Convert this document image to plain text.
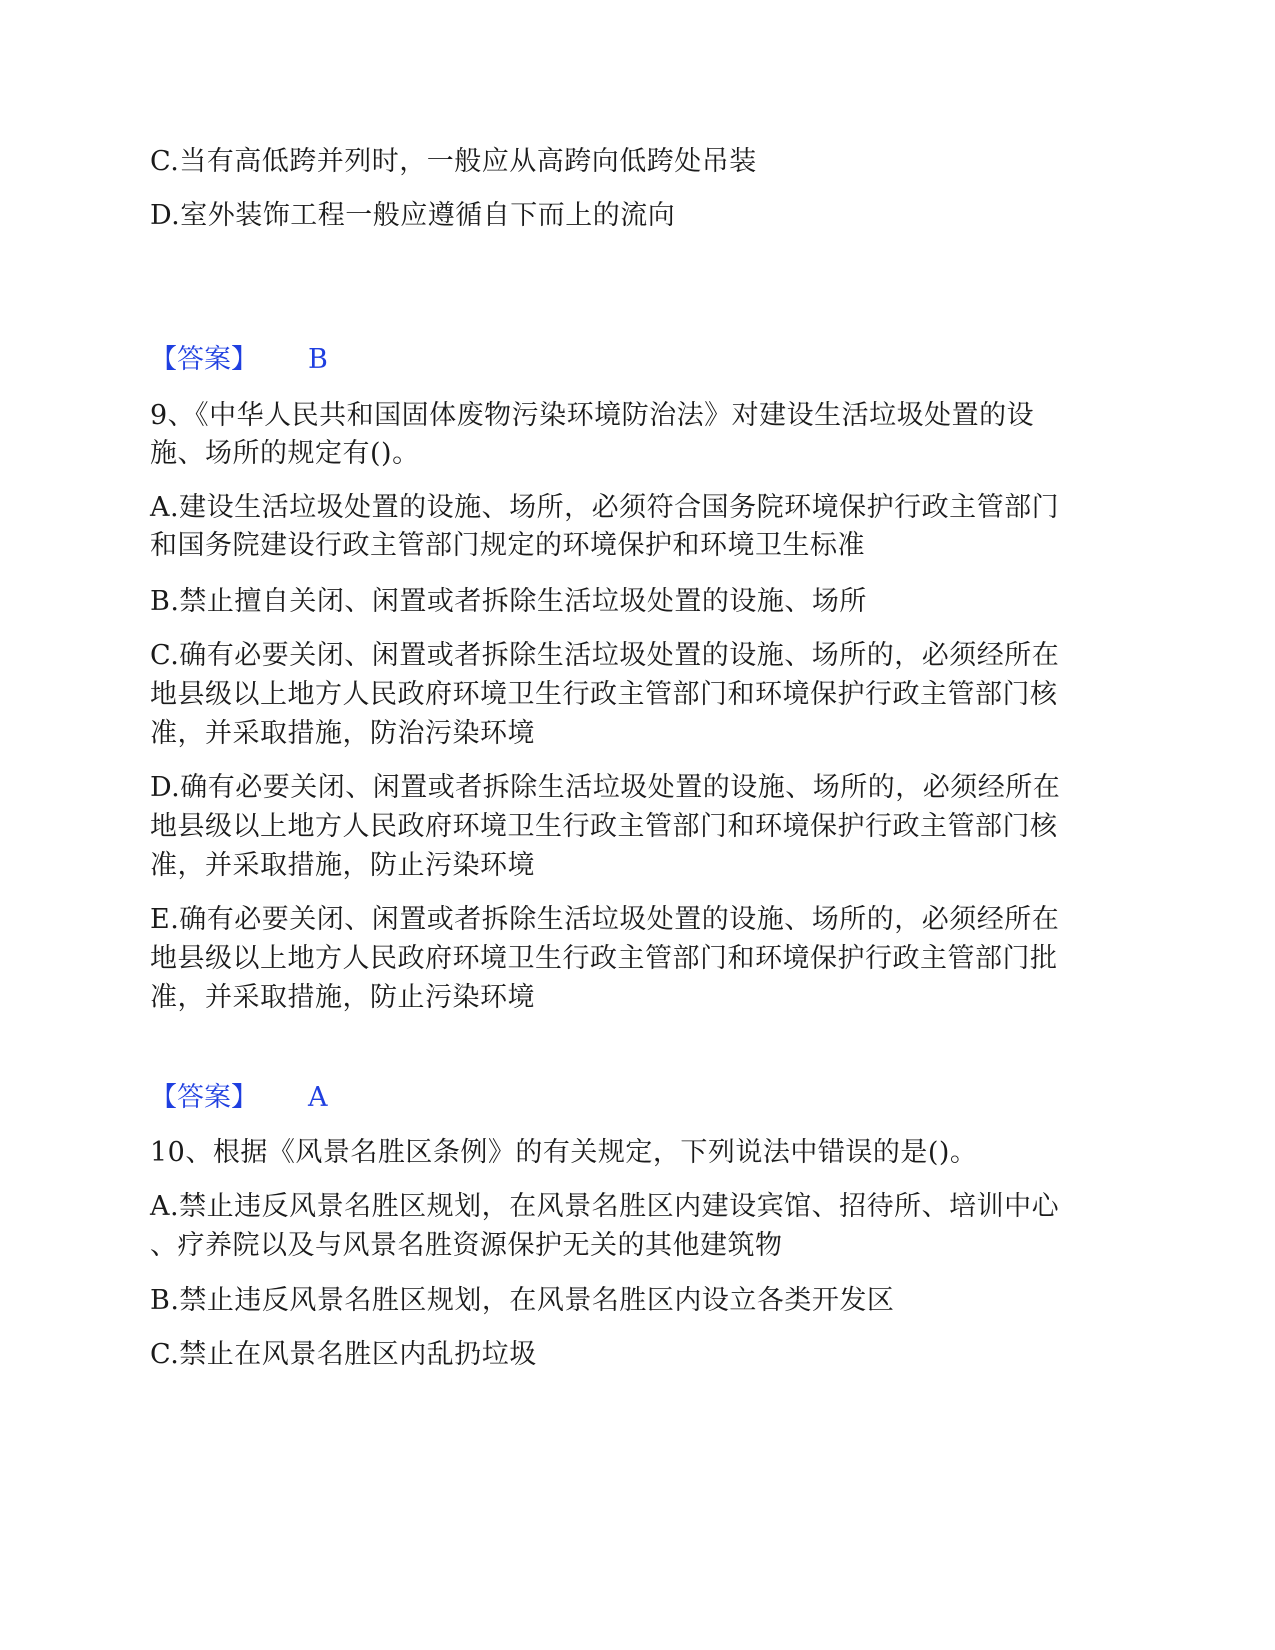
C.当有高低跨并列时，一般应从高跨向低跨处吊装
D.室外装饰工程一般应遵循自下而上的流向
【答案】 B
9、《中华人民共和国固体废物污染环境防治法》对建设生活垃圾处置的设
施、场所的规定有()。
A.建设生活垃圾处置的设施、场所，必须符合国务院环境保护行政主管部门
和国务院建设行政主管部门规定的环境保护和环境卫生标准
B.禁止擅自关闭、闲置或者拆除生活垃圾处置的设施、场所
C.确有必要关闭、闲置或者拆除生活垃圾处置的设施、场所的，必须经所在
地县级以上地方人民政府环境卫生行政主管部门和环境保护行政主管部门核
准，并采取措施，防治污染环境
D.确有必要关闭、闲置或者拆除生活垃圾处置的设施、场所的，必须经所在
地县级以上地方人民政府环境卫生行政主管部门和环境保护行政主管部门核
准，并采取措施，防止污染环境
E.确有必要关闭、闲置或者拆除生活垃圾处置的设施、场所的，必须经所在
地县级以上地方人民政府环境卫生行政主管部门和环境保护行政主管部门批
准，并采取措施，防止污染环境
【答案】 A
10、根据《风景名胜区条例》的有关规定，下列说法中错误的是()。
A.禁止违反风景名胜区规划，在风景名胜区内建设宾馆、招待所、培训中心
、疗养院以及与风景名胜资源保护无关的其他建筑物
B.禁止违反风景名胜区规划，在风景名胜区内设立各类开发区
C.禁止在风景名胜区内乱扔垃圾
